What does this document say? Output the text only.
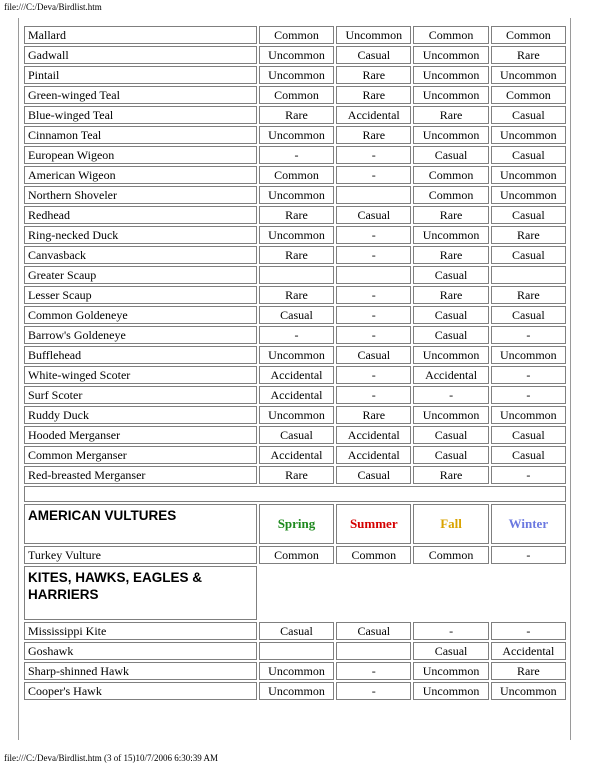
file:///C:/Deva/Birdlist.htm
Mallard	Common	Uncommon	Common	Common
Gadwall	Uncommon	Casual	Uncommon	Rare
Pintail	Uncommon	Rare	Uncommon	Uncommon
Green-winged Teal	Common	Rare	Uncommon	Common
Blue-winged Teal	Rare	Accidental	Rare	Casual
Cinnamon Teal	Uncommon	Rare	Uncommon	Uncommon
European Wigeon	-	-	Casual	Casual
American Wigeon	Common	-	Common	Uncommon
Northern Shoveler	Uncommon		Common	Uncommon
Redhead	Rare	Casual	Rare	Casual
Ring-necked Duck	Uncommon	-	Uncommon	Rare
Canvasback	Rare	-	Rare	Casual
Greater Scaup			Casual	
Lesser Scaup	Rare	-	Rare	Rare
Common Goldeneye	Casual	-	Casual	Casual
Barrow's Goldeneye	-	-	Casual	-
Bufflehead	Uncommon	Casual	Uncommon	Uncommon
White-winged Scoter	Accidental	-	Accidental	-
Surf Scoter	Accidental	-	-	-
Ruddy Duck	Uncommon	Rare	Uncommon	Uncommon
Hooded Merganser	Casual	Accidental	Casual	Casual
Common Merganser	Accidental	Accidental	Casual	Casual
Red-breasted Merganser	Rare	Casual	Rare	-

AMERICAN VULTURES	Spring	Summer	Fall	Winter
Turkey Vulture	Common	Common	Common	-
KITES, HAWKS, EAGLES & HARRIERS				
Mississippi Kite	Casual	Casual	-	-
Goshawk			Casual	Accidental
Sharp-shinned Hawk	Uncommon	-	Uncommon	Rare
Cooper's Hawk	Uncommon	-	Uncommon	Uncommon
file:///C:/Deva/Birdlist.htm (3 of 15)10/7/2006 6:30:39 AM
